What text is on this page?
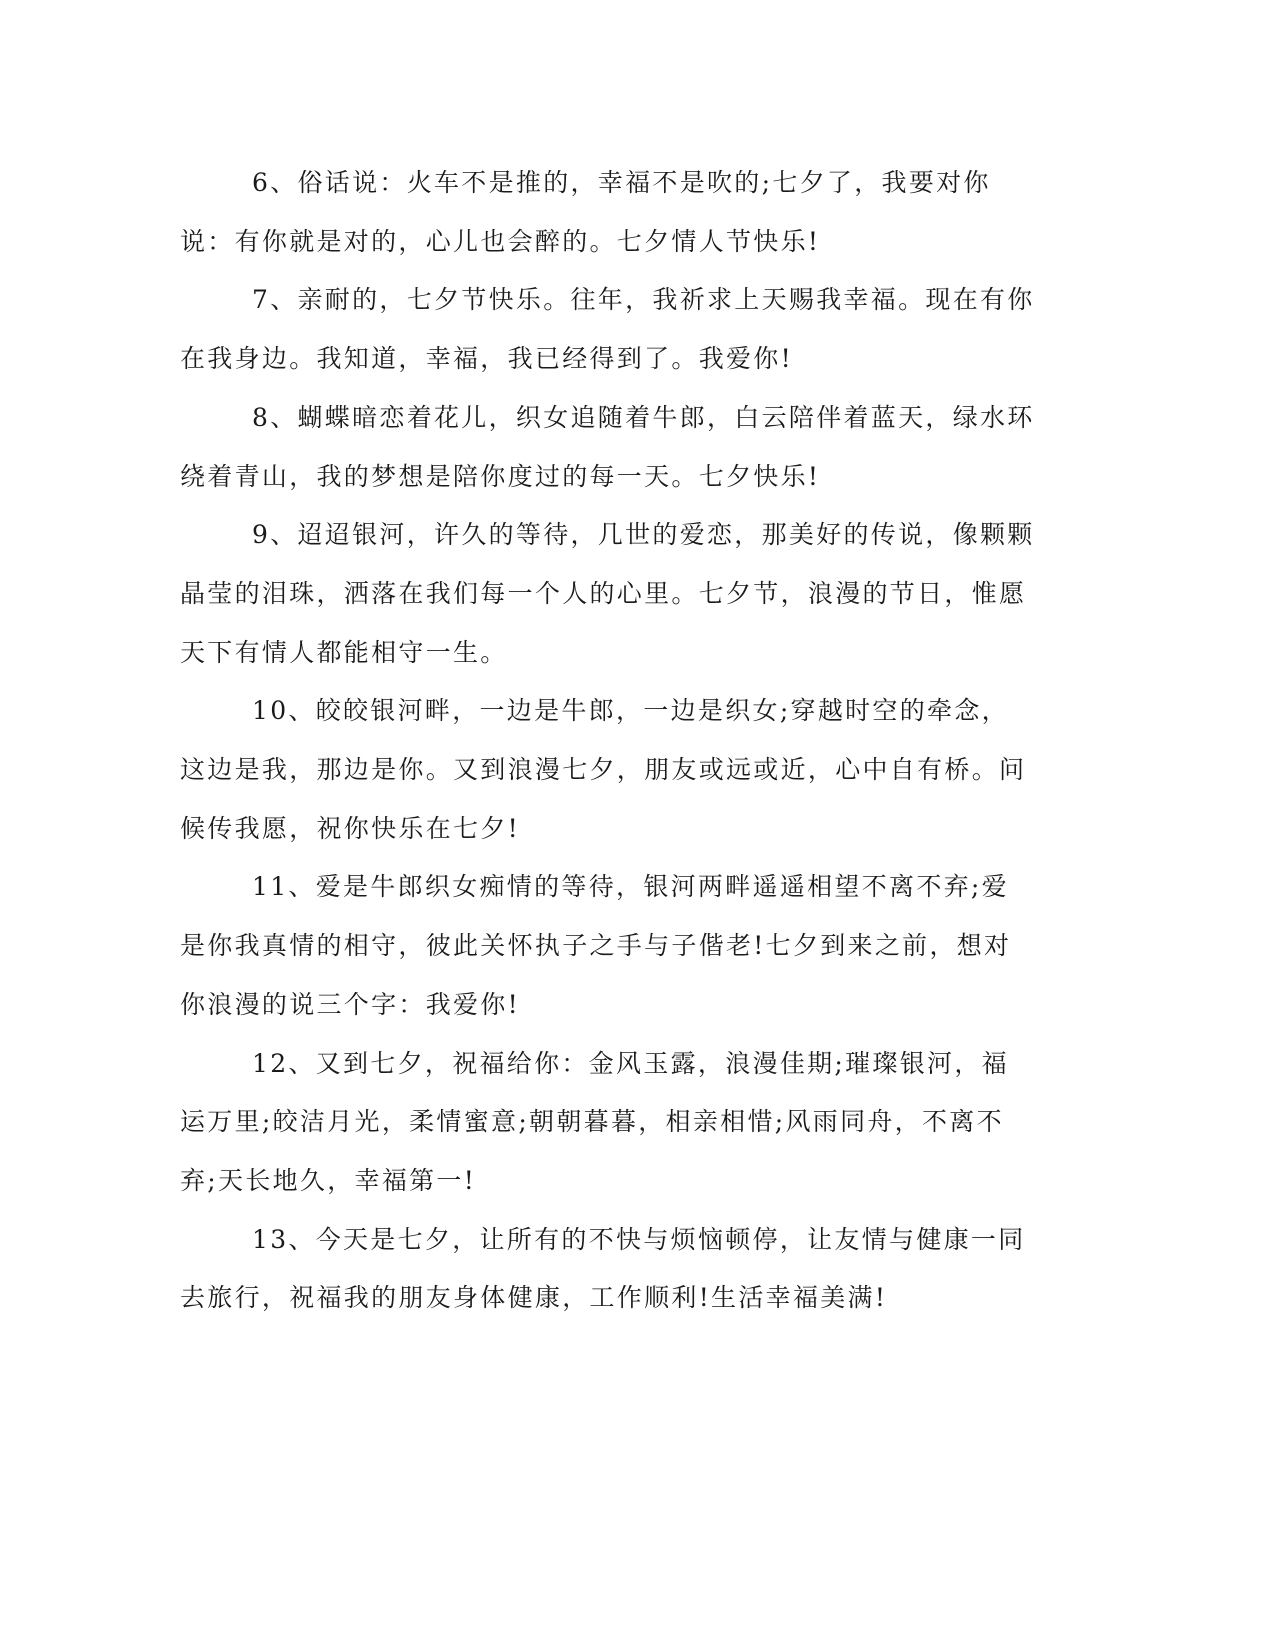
6、俗话说：火车不是推的，幸福不是吹的;七夕了，我要对你说：有你就是对的，心儿也会醉的。七夕情人节快乐!

7、亲耐的，七夕节快乐。往年，我祈求上天赐我幸福。现在有你在我身边。我知道，幸福，我已经得到了。我爱你!

8、蝴蝶暗恋着花儿，织女追随着牛郎，白云陪伴着蓝天，绿水环绕着青山，我的梦想是陪你度过的每一天。七夕快乐!

9、迢迢银河，许久的等待，几世的爱恋，那美好的传说，像颗颗晶莹的泪珠，洒落在我们每一个人的心里。七夕节，浪漫的节日，惟愿天下有情人都能相守一生。

10、皎皎银河畔，一边是牛郎，一边是织女;穿越时空的牵念，这边是我，那边是你。又到浪漫七夕，朋友或远或近，心中自有桥。问候传我愿，祝你快乐在七夕!

11、爱是牛郎织女痴情的等待，银河两畔遥遥相望不离不弃;爱是你我真情的相守，彼此关怀执子之手与子偕老!七夕到来之前，想对你浪漫的说三个字：我爱你!

12、又到七夕，祝福给你：金风玉露，浪漫佳期;璀璨银河，福运万里;皎洁月光，柔情蜜意;朝朝暮暮，相亲相惜;风雨同舟，不离不弃;天长地久，幸福第一!

13、今天是七夕，让所有的不快与烦恼顿停，让友情与健康一同去旅行，祝福我的朋友身体健康，工作顺利!生活幸福美满!
